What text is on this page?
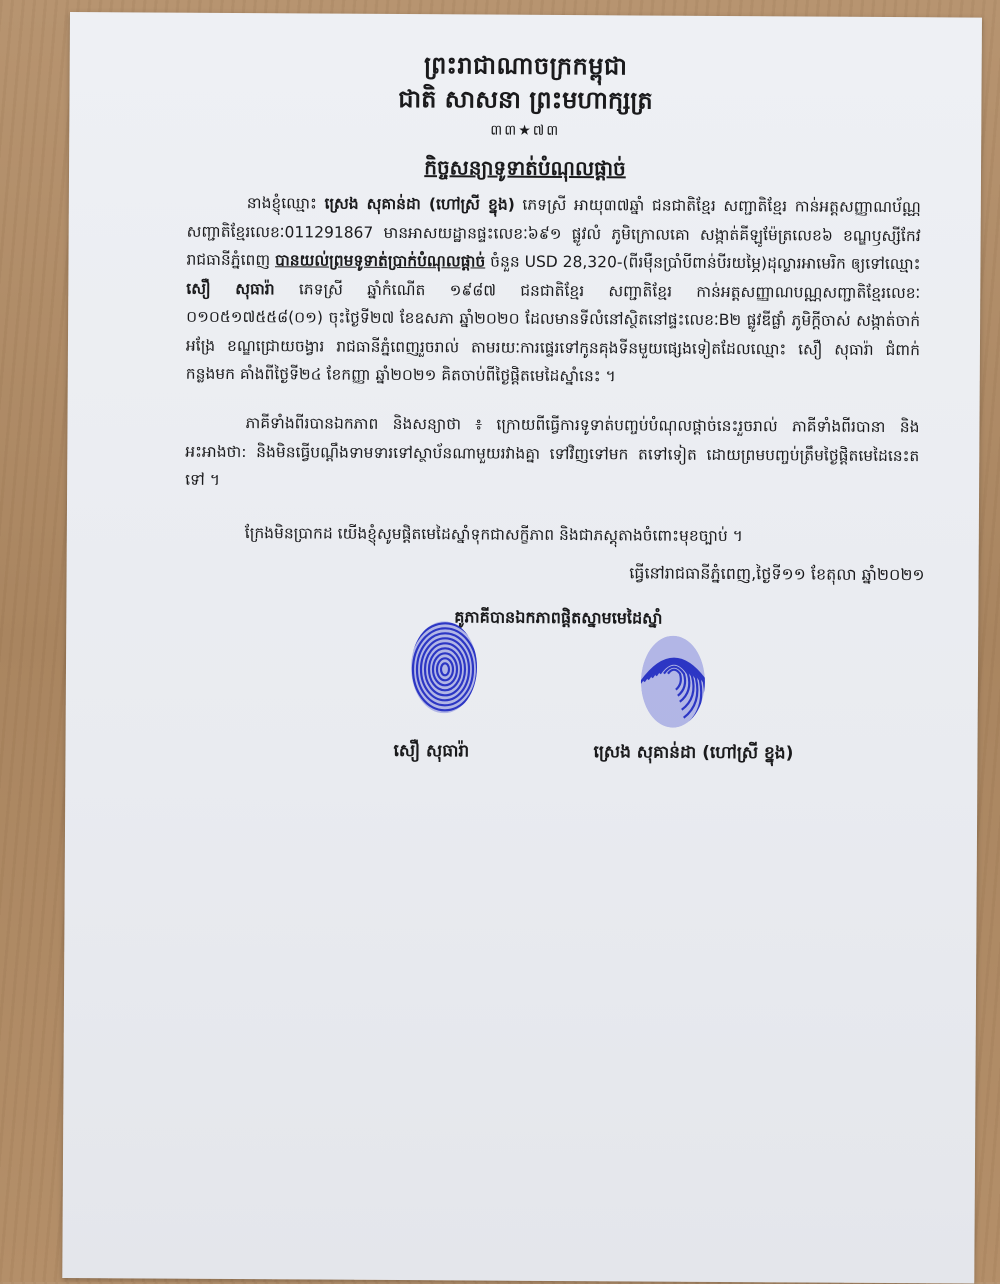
ព្រះរាជាណាចក្រកម្ពុជា
ជាតិ សាសនា ព្រះមហាក្សត្រ
៣៣★៧៣
កិច្ចសន្យាទូទាត់បំណុលផ្តាច់
នាងខ្ញុំឈ្មោះ ស្រេង សុគាន់ដា (ហៅស្រី ខ្នុង) ភេទស្រី អាយុ៣៧ឆ្នាំ ជនជាតិខ្មែរ សញ្ជាតិខ្មែរ កាន់អត្តសញ្ញាណប័ណ្ណសញ្ជាតិខ្មែរលេខៈ011291867 មានអាសយដ្ឋានផ្ទះលេខៈ៦៩១ ផ្លូវលំ ភូមិក្រោលគោ សង្កាត់គីឡូម៉ែត្រលេខ៦ ខណ្ឌឫស្សីកែវ រាជធានីភ្នំពេញ បានយល់ព្រមទូទាត់ប្រាក់បំណុលផ្តាច់ ចំនួន USD 28,320-(ពីរម៉ឺនប្រាំបីពាន់បីរយម្ភៃ)ដុល្លារអាមេរិក ឲ្យទៅឈ្មោះ សឿ សុធារ៉ា ភេទស្រី ឆ្នាំកំណើត ១៩៨៧ ជនជាតិខ្មែរ សញ្ជាតិខ្មែរ កាន់អត្តសញ្ញាណបណ្ណសញ្ជាតិខ្មែរលេខៈ ០១០៥១៧៥៥៨(០១) ចុះថ្ងៃទី២៧ ខែឧសភា ឆ្នាំ២០២០ ដែលមានទីលំនៅស្ថិតនៅផ្ទះលេខៈB២ ផ្លូវឌីផ្លាំ ភូមិក្តីចាស់ សង្កាត់ចាក់អង្រែ ខណ្ឌជ្រោយចង្វារ រាជធានីភ្នំពេញរួចរាល់ តាមរយៈការផ្ទេរទៅកូនគុងទីនមួយផ្សេងទៀតដែលឈ្មោះ សឿ សុធារ៉ា ជំពាក់កន្លងមក គាំងពីថ្ងៃទី២៤ ខែកញ្ញា ឆ្នាំ២០២១ គិតចាប់ពីថ្ងៃផ្តិតមេដៃស្នាំនេះ ។
ភាគីទាំងពីរបានឯកភាព និងសន្យាថា ៖ ក្រោយពីធ្វើការទូទាត់បញ្ចប់បំណុលផ្តាច់នេះរួចរាល់ ភាគីទាំងពីរបានា និងអះអាងថា: និងមិនធ្វើបណ្តឹងទាមទារទៅស្ថាប័នណាមួយរវាងគ្នា ទៅវិញទៅមក តទៅទៀត ដោយព្រមបញ្ចប់ត្រឹមថ្ងៃផ្តិតមេដៃនេះតទៅ ។
ក្រែងមិនប្រាកដ យើងខ្ញុំសូមផ្តិតមេដៃស្នាំទុកជាសក្ខីភាព និងជាភស្តុតាងចំពោះមុខច្បាប់ ។
ធ្វើនៅរាជធានីភ្នំពេញ,ថ្ងៃទី១១ ខែតុលា ឆ្នាំ២០២១
គូភាគីបានឯកភាពផ្តិតស្នាមមេដៃស្នាំ
សឿ សុធារ៉ា	ស្រេង សុគាន់ដា (ហៅស្រី ខ្នុង)
